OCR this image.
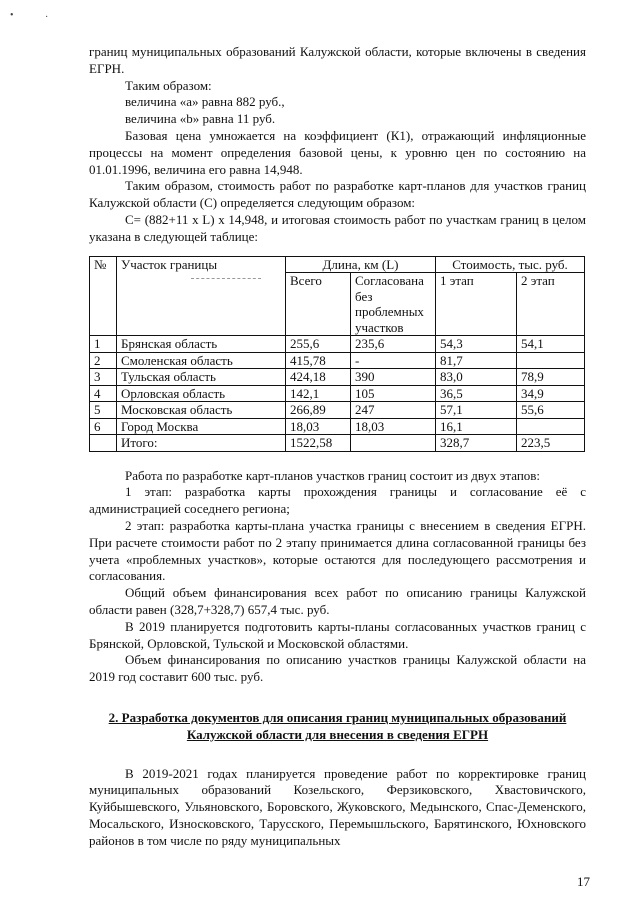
•	·

границ муниципальных образований Калужской области, которые включены в сведения ЕГРН.

Таким образом:

величина «а» равна 882 руб.,

величина «b» равна 11 руб.

Базовая цена умножается на коэффициент (К1), отражающий инфляционные процессы на момент определения базовой цены, к уровню цен по состоянию на 01.01.1996, величина его равна 14,948.

Таким образом, стоимость работ по разработке карт-планов для участков границ Калужской области (С) определяется следующим образом:

С= (882+11 х L) х 14,948, и итоговая стоимость работ по участкам границ в целом указана в следующей таблице:

№	Участок границы	Длина, км (L)		Стоимость, тыс. руб.	
		Всего	Согласована без проблемных участков	1 этап	2 этап
1	Брянская область	255,6	235,6	54,3	54,1
2	Смоленская область	415,78	-	81,7	
3	Тульская область	424,18	390	83,0	78,9
4	Орловская область	142,1	105	36,5	34,9
5	Московская область	266,89	247	57,1	55,6
6	Город Москва	18,03	18,03	16,1	
	Итого:	1522,58		328,7	223,5

Работа по разработке карт-планов участков границ состоит из двух этапов:

1 этап: разработка карты прохождения границы и согласование её с администрацией соседнего региона;

2 этап: разработка карты-плана участка границы с внесением в сведения ЕГРН. При расчете стоимости работ по 2 этапу принимается длина согласованной границы без учета «проблемных участков», которые остаются для последующего рассмотрения и согласования.

Общий объем финансирования всех работ по описанию границы Калужской области равен (328,7+328,7) 657,4 тыс. руб.

В 2019 планируется подготовить карты-планы согласованных участков границ с Брянской, Орловской, Тульской и Московской областями.

Объем финансирования по описанию участков границы Калужской области на 2019 год составит 600 тыс. руб.

2. Разработка документов для описания границ муниципальных образований

Калужской области для внесения в сведения ЕГРН

В 2019-2021 годах планируется проведение работ по корректировке границ муниципальных образований Козельского, Ферзиковского, Хвастовичского, Куйбышевского, Ульяновского, Боровского, Жуковского, Медынского, Спас-Деменского, Мосальского, Износковского, Тарусского, Перемышльского, Барятинского, Юхновского районов в том числе по ряду муниципальных

17
